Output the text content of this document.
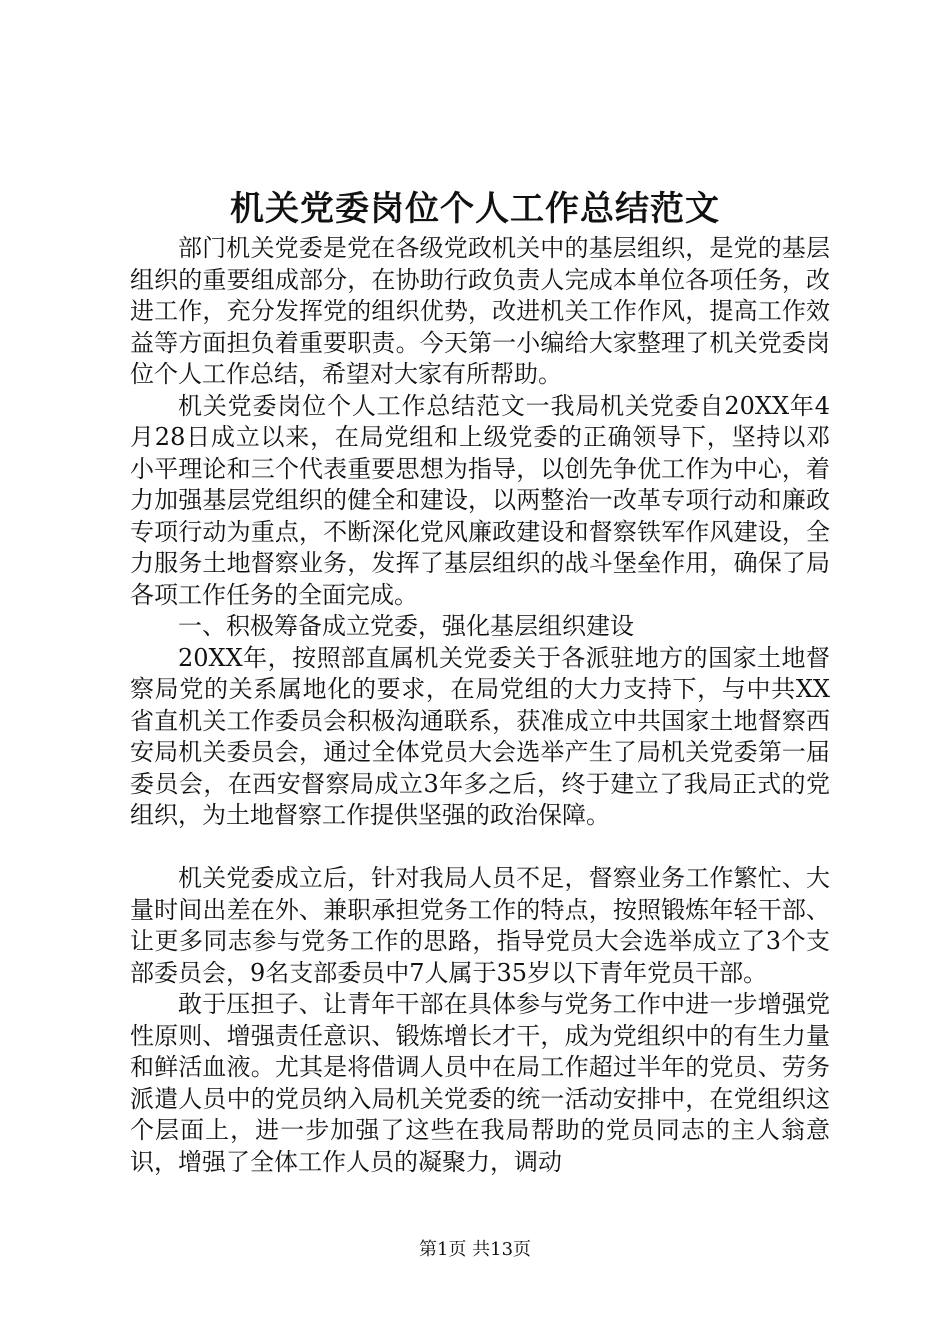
机关党委岗位个人工作总结范文

部门机关党委是党在各级党政机关中的基层组织，是党的基层组织的重要组成部分，在协助行政负责人完成本单位各项任务，改进工作，充分发挥党的组织优势，改进机关工作作风，提高工作效益等方面担负着重要职责。今天第一小编给大家整理了机关党委岗位个人工作总结，希望对大家有所帮助。

机关党委岗位个人工作总结范文一我局机关党委自20XX年4月28日成立以来，在局党组和上级党委的正确领导下，坚持以邓小平理论和三个代表重要思想为指导，以创先争优工作为中心，着力加强基层党组织的健全和建设，以两整治一改革专项行动和廉政专项行动为重点，不断深化党风廉政建设和督察铁军作风建设，全力服务土地督察业务，发挥了基层组织的战斗堡垒作用，确保了局各项工作任务的全面完成。

一、积极筹备成立党委，强化基层组织建设

20XX年，按照部直属机关党委关于各派驻地方的国家土地督察局党的关系属地化的要求，在局党组的大力支持下，与中共XX省直机关工作委员会积极沟通联系，获准成立中共国家土地督察西安局机关委员会，通过全体党员大会选举产生了局机关党委第一届委员会，在西安督察局成立3年多之后，终于建立了我局正式的党组织，为土地督察工作提供坚强的政治保障。

机关党委成立后，针对我局人员不足，督察业务工作繁忙、大量时间出差在外、兼职承担党务工作的特点，按照锻炼年轻干部、让更多同志参与党务工作的思路，指导党员大会选举成立了3个支部委员会，9名支部委员中7人属于35岁以下青年党员干部。

敢于压担子、让青年干部在具体参与党务工作中进一步增强党性原则、增强责任意识、锻炼增长才干，成为党组织中的有生力量和鲜活血液。尤其是将借调人员中在局工作超过半年的党员、劳务派遣人员中的党员纳入局机关党委的统一活动安排中，在党组织这个层面上，进一步加强了这些在我局帮助的党员同志的主人翁意识，增强了全体工作人员的凝聚力，调动

第1页 共13页
